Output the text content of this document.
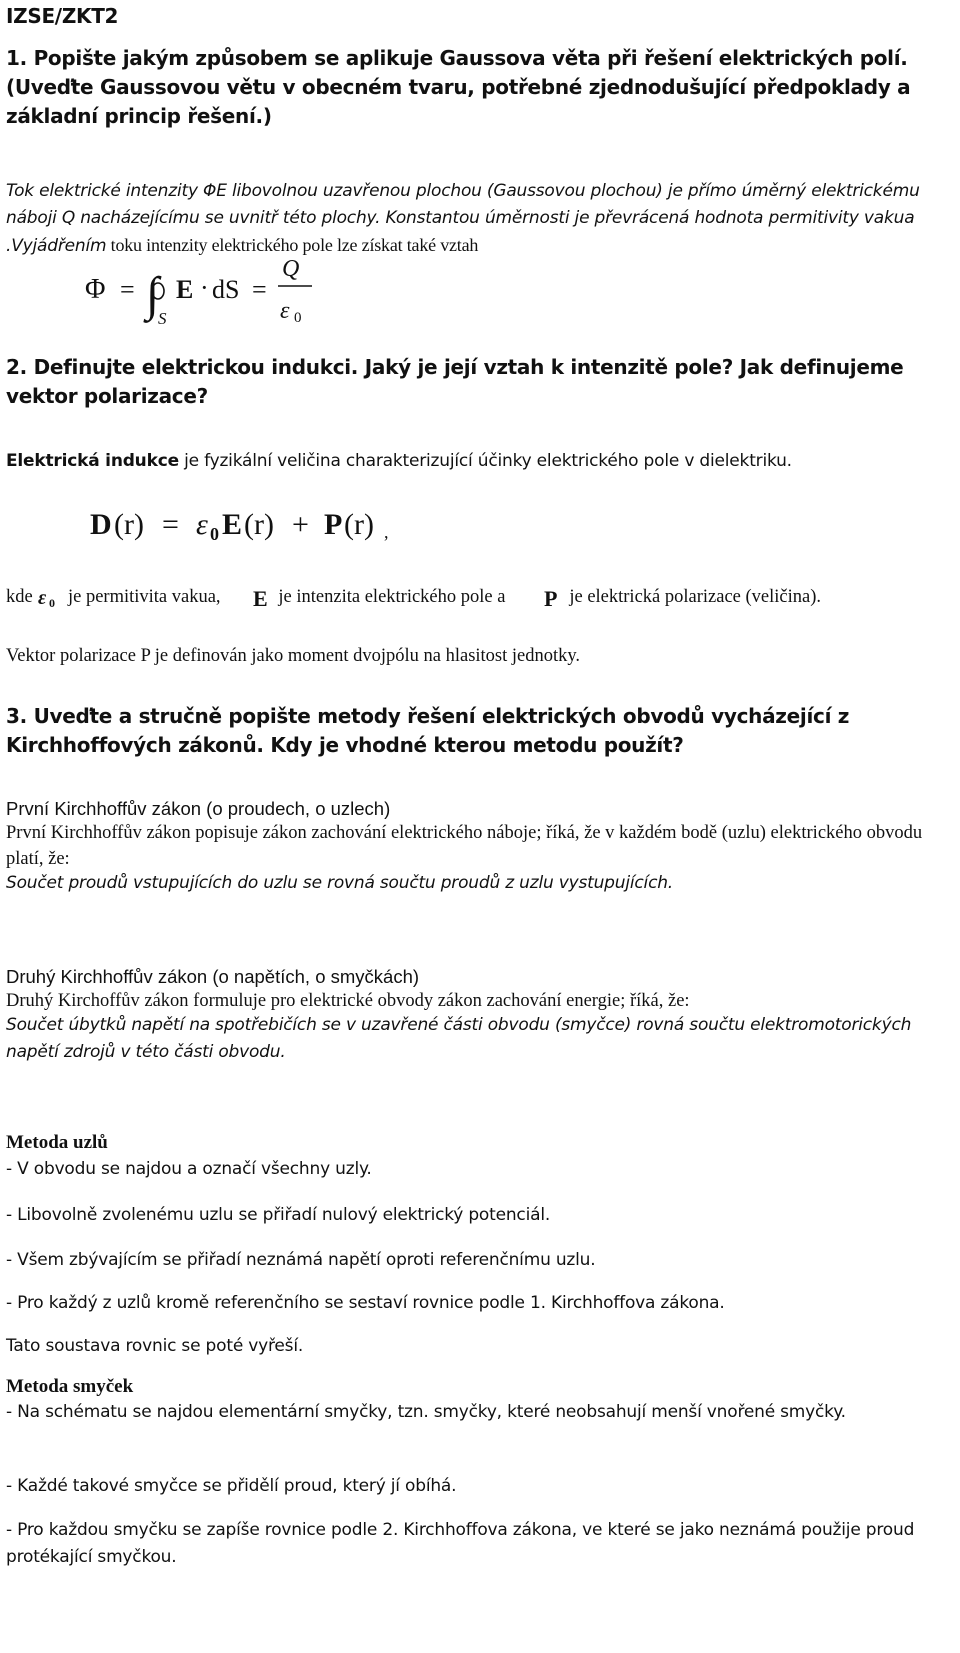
IZSE/ZKT2
1. Popište jakým způsobem se aplikuje Gaussova věta při řešení elektrických polí. (Uveďte Gaussovou větu v obecném tvaru, potřebné zjednodušující předpoklady a základní princip řešení.)
Tok elektrické intenzity ΦE libovolnou uzavřenou plochou (Gaussovou plochou) je přímo úměrný elektrickému náboji Q nacházejícímu se uvnitř této plochy. Konstantou úměrnosti je převrácená hodnota permitivity vakua .Vyjádřením toku intenzity elektrického pole lze získat také vztah
Φ = ∫
S
E · dS =
Q
ε 0
2. Definujte elektrickou indukci. Jaký je její vztah k intenzitě pole? Jak definujeme vektor polarizace?
Elektrická indukce je fyzikální veličina charakterizující účinky elektrického pole v dielektriku.
D (r) = ε 0 E (r) + P (r) ,
kde ε 0 je permitivita vakua, E je intenzita elektrického pole a P je elektrická polarizace (veličina).
Vektor polarizace P je definován jako moment dvojpólu na hlasitost jednotky.
3. Uveďte a stručně popište metody řešení elektrických obvodů vycházející z Kirchhoffových zákonů. Kdy je vhodné kterou metodu použít?
První Kirchhoffův zákon (o proudech, o uzlech)
První Kirchhoffův zákon popisuje zákon zachování elektrického náboje; říká, že v každém bodě (uzlu) elektrického obvodu platí, že:
Součet proudů vstupujících do uzlu se rovná součtu proudů z uzlu vystupujících.
Druhý Kirchhoffův zákon (o napětích, o smyčkách)
Druhý Kirchoffův zákon formuluje pro elektrické obvody zákon zachování energie; říká, že:
Součet úbytků napětí na spotřebičích se v uzavřené části obvodu (smyčce) rovná součtu elektromotorických napětí zdrojů v této části obvodu.
Metoda uzlů
- V obvodu se najdou a označí všechny uzly.
- Libovolně zvolenému uzlu se přiřadí nulový elektrický potenciál.
- Všem zbývajícím se přiřadí neznámá napětí oproti referenčnímu uzlu.
- Pro každý z uzlů kromě referenčního se sestaví rovnice podle 1. Kirchhoffova zákona.
Tato soustava rovnic se poté vyřeší.
Metoda smyček
- Na schématu se najdou elementární smyčky, tzn. smyčky, které neobsahují menší vnořené smyčky.
- Každé takové smyčce se přidělí proud, který jí obíhá.
- Pro každou smyčku se zapíše rovnice podle 2. Kirchhoffova zákona, ve které se jako neznámá použije proud protékající smyčkou.
